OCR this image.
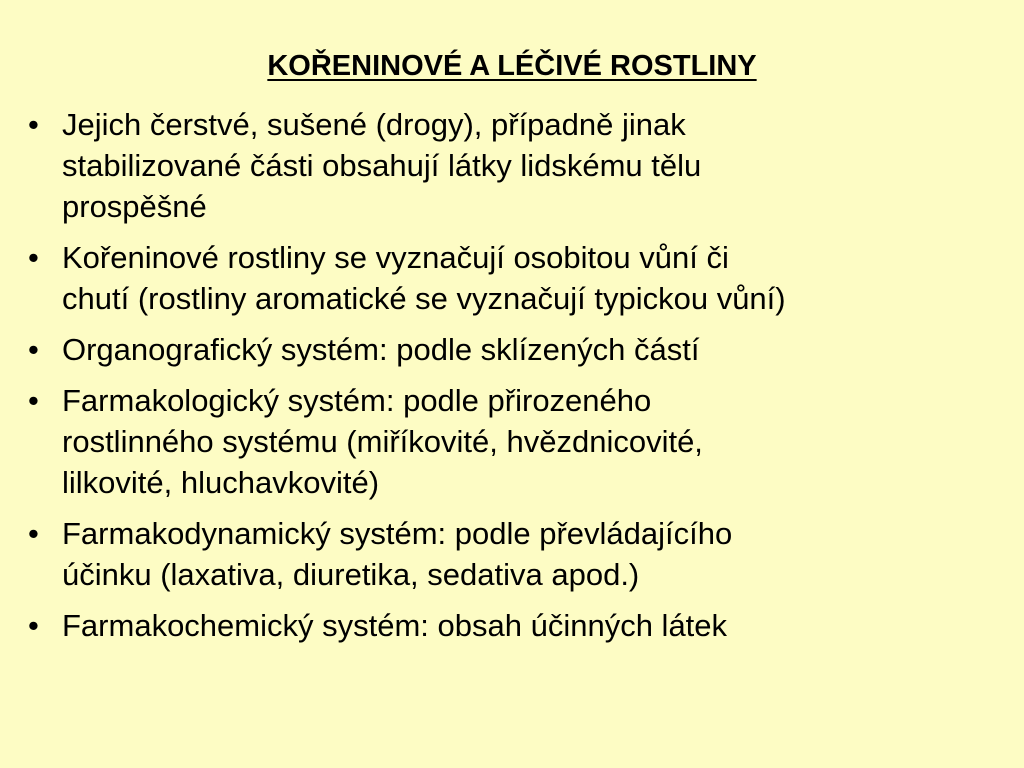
KOŘENINOVÉ A LÉČIVÉ ROSTLINY
• Jejich čerstvé, sušené (drogy), případně jinak
stabilizované části obsahují látky lidskému tělu
prospěšné
• Kořeninové rostliny se vyznačují osobitou vůní či
chutí (rostliny aromatické se vyznačují typickou vůní)
• Organografický systém: podle sklízených částí
• Farmakologický systém: podle přirozeného
rostlinného systému (miříkovité, hvězdnicovité,
lilkovité, hluchavkovité)
• Farmakodynamický systém: podle převládajícího
účinku (laxativa, diuretika, sedativa apod.)
• Farmakochemický systém: obsah účinných látek
